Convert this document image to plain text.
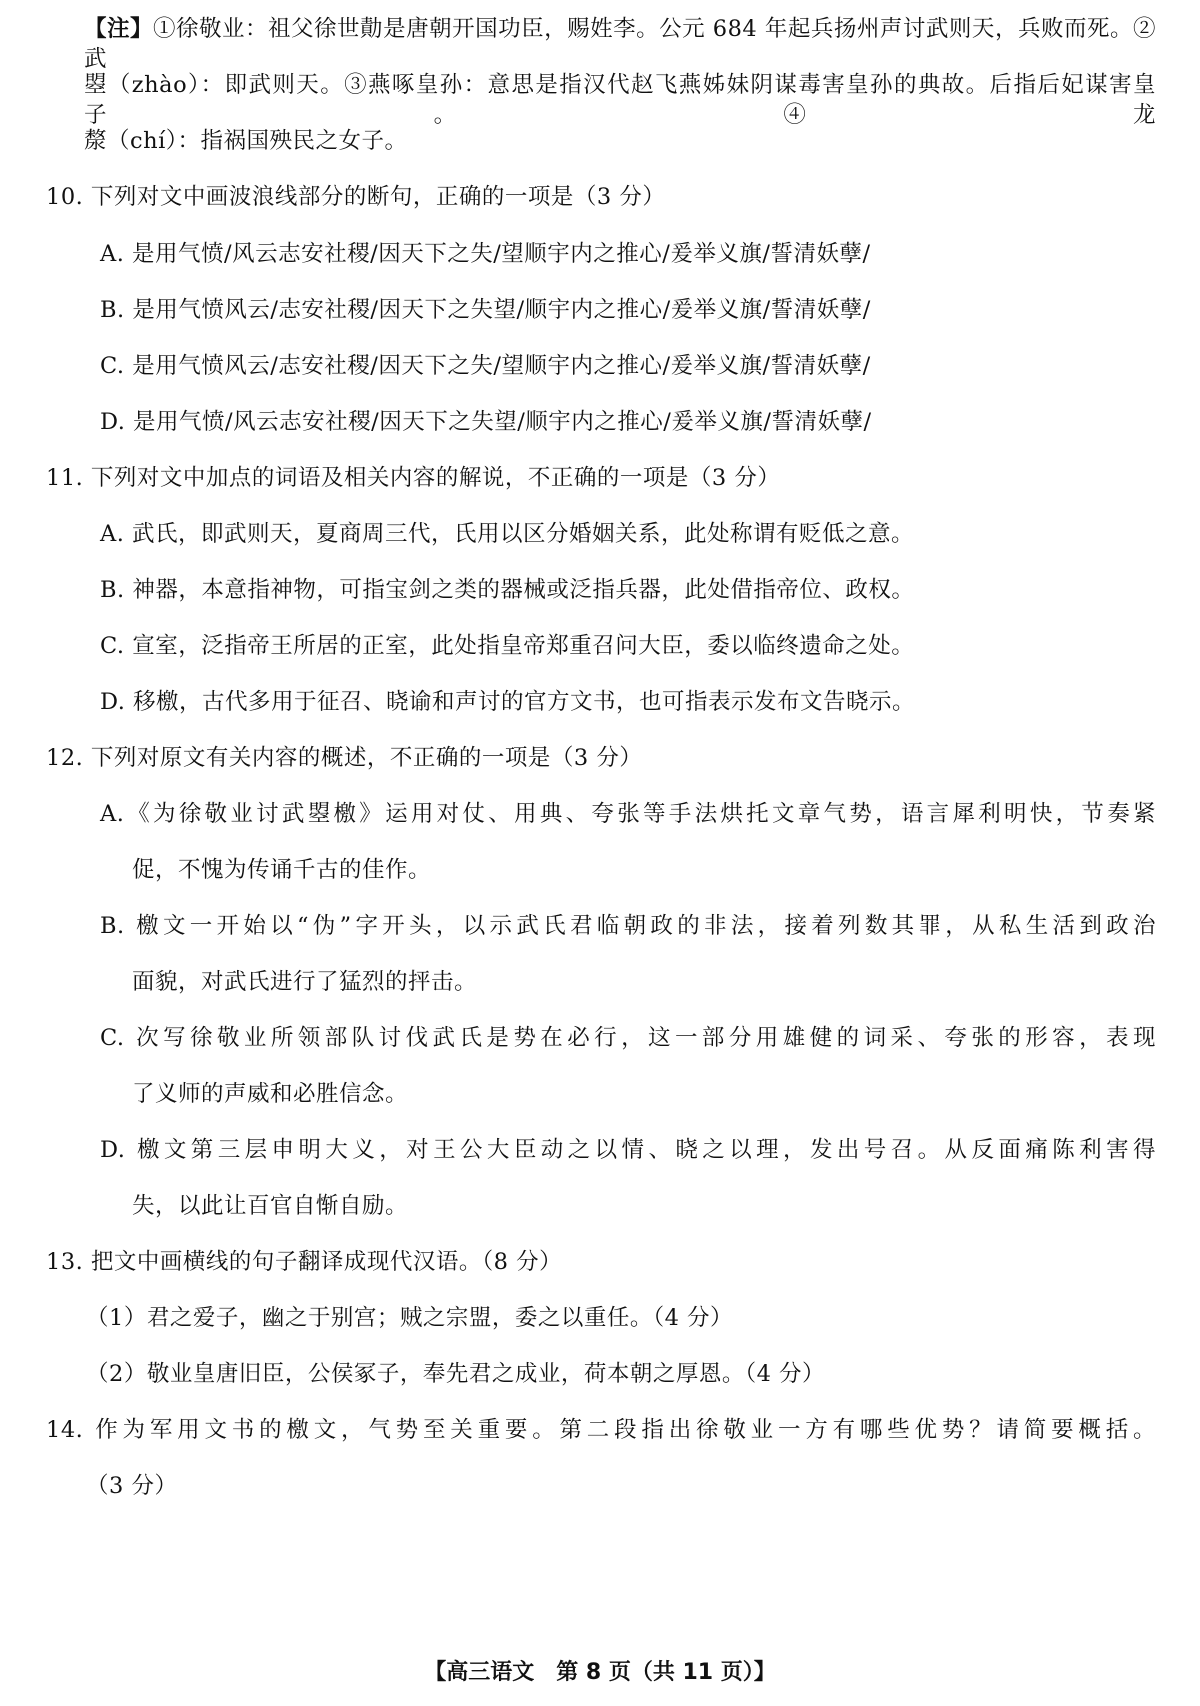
【注】①徐敬业：祖父徐世勣是唐朝开国功臣，赐姓李。公元 684 年起兵扬州声讨武则天，兵败而死。②武
曌（zhào）：即武则天。③燕啄皇孙：意思是指汉代赵飞燕姊妹阴谋毒害皇孙的典故。后指后妃谋害皇子。④龙
漦（chí）：指祸国殃民之女子。
10. 下列对文中画波浪线部分的断句，正确的一项是（3 分）
A. 是用气愤/风云志安社稷/因天下之失/望顺宇内之推心/爰举义旗/誓清妖孽/
B. 是用气愤风云/志安社稷/因天下之失望/顺宇内之推心/爰举义旗/誓清妖孽/
C. 是用气愤风云/志安社稷/因天下之失/望顺宇内之推心/爰举义旗/誓清妖孽/
D. 是用气愤/风云志安社稷/因天下之失望/顺宇内之推心/爰举义旗/誓清妖孽/
11. 下列对文中加点的词语及相关内容的解说，不正确的一项是（3 分）
A. 武氏，即武则天，夏商周三代，氏用以区分婚姻关系，此处称谓有贬低之意。
B. 神器，本意指神物，可指宝剑之类的器械或泛指兵器，此处借指帝位、政权。
C. 宣室，泛指帝王所居的正室，此处指皇帝郑重召问大臣，委以临终遗命之处。
D. 移檄，古代多用于征召、晓谕和声讨的官方文书，也可指表示发布文告晓示。
12. 下列对原文有关内容的概述，不正确的一项是（3 分）
A.《为徐敬业讨武曌檄》运用对仗、用典、夸张等手法烘托文章气势，语言犀利明快，节奏紧
促，不愧为传诵千古的佳作。
B. 檄文一开始以“伪”字开头，以示武氏君临朝政的非法，接着列数其罪，从私生活到政治
面貌，对武氏进行了猛烈的抨击。
C. 次写徐敬业所领部队讨伐武氏是势在必行，这一部分用雄健的词采、夸张的形容，表现
了义师的声威和必胜信念。
D. 檄文第三层申明大义，对王公大臣动之以情、晓之以理，发出号召。从反面痛陈利害得
失，以此让百官自惭自励。
13. 把文中画横线的句子翻译成现代汉语。（8 分）
（1）君之爱子，幽之于别宫；贼之宗盟，委之以重任。（4 分）
（2）敬业皇唐旧臣，公侯冢子，奉先君之成业，荷本朝之厚恩。（4 分）
14. 作为军用文书的檄文，气势至关重要。第二段指出徐敬业一方有哪些优势？请简要概括。
（3 分）
【高三语文　第 8 页（共 11 页）】
